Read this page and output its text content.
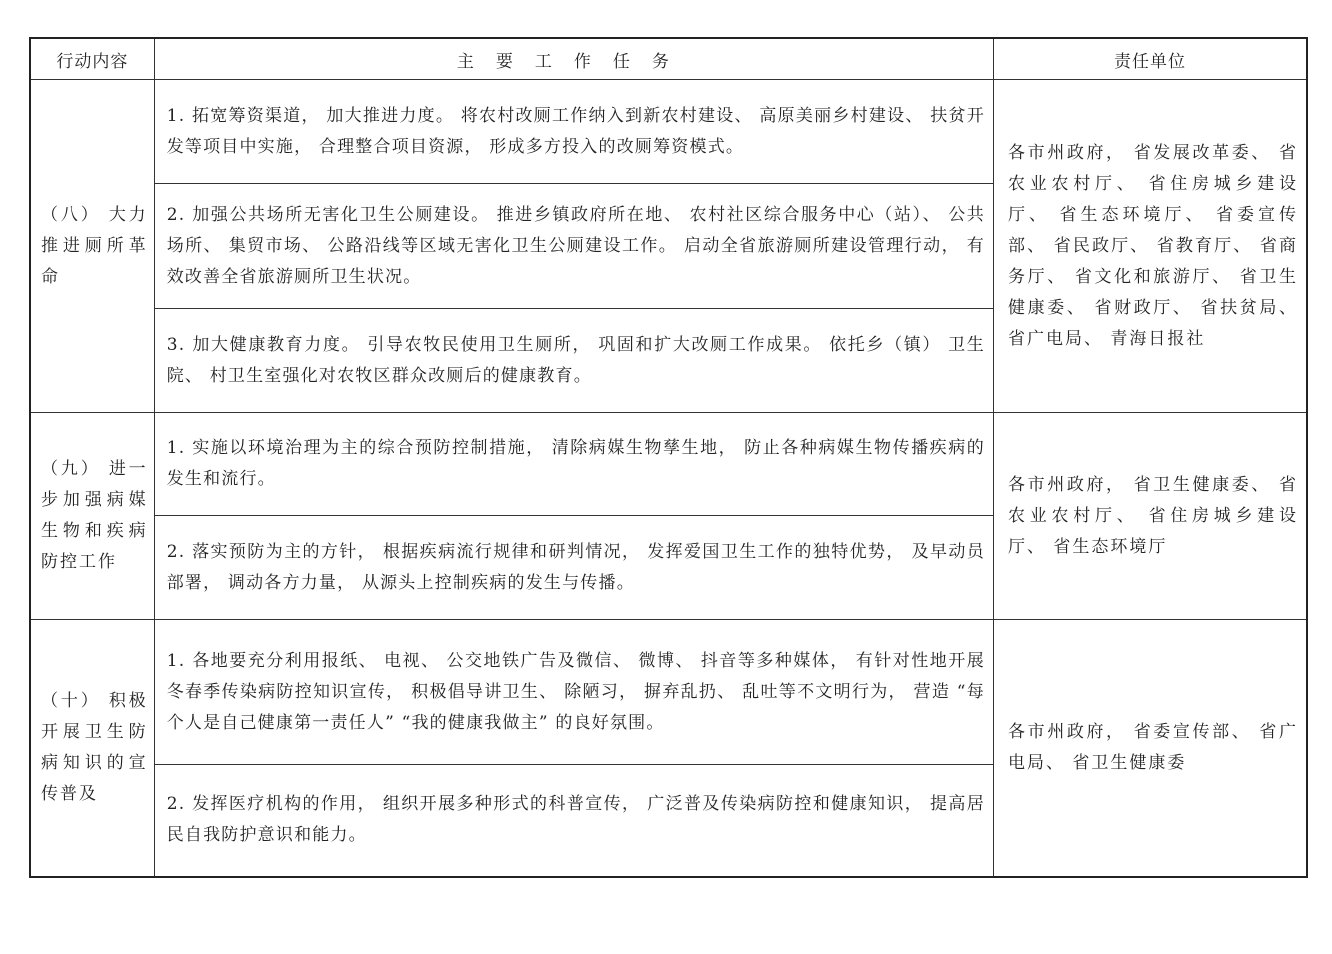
行动内容	主要工作任务	责任单位
（八） 大力推进厕所革命	1. 拓宽筹资渠道， 加大推进力度。 将农村改厕工作纳入到新农村建设、 高原美丽乡村建设、 扶贫开发等项目中实施， 合理整合项目资源， 形成多方投入的改厕筹资模式。	各市州政府， 省发展改革委、 省农业农村厅、 省住房城乡建设厅、 省生态环境厅、 省委宣传部、 省民政厅、 省教育厅、 省商务厅、 省文化和旅游厅、 省卫生健康委、 省财政厅、 省扶贫局、 省广电局、 青海日报社
	2. 加强公共场所无害化卫生公厕建设。 推进乡镇政府所在地、 农村社区综合服务中心（站）、 公共场所、 集贸市场、 公路沿线等区域无害化卫生公厕建设工作。 启动全省旅游厕所建设管理行动， 有效改善全省旅游厕所卫生状况。	
	3. 加大健康教育力度。 引导农牧民使用卫生厕所， 巩固和扩大改厕工作成果。 依托乡（镇） 卫生院、 村卫生室强化对农牧区群众改厕后的健康教育。	
（九） 进一步加强病媒生物和疾病防控工作	1. 实施以环境治理为主的综合预防控制措施， 清除病媒生物孳生地， 防止各种病媒生物传播疾病的发生和流行。	各市州政府， 省卫生健康委、 省农业农村厅、 省住房城乡建设厅、 省生态环境厅
	2. 落实预防为主的方针， 根据疾病流行规律和研判情况， 发挥爱国卫生工作的独特优势， 及早动员部署， 调动各方力量， 从源头上控制疾病的发生与传播。	
（十） 积极开展卫生防病知识的宣传普及	1. 各地要充分利用报纸、 电视、 公交地铁广告及微信、 微博、 抖音等多种媒体， 有针对性地开展冬春季传染病防控知识宣传， 积极倡导讲卫生、 除陋习， 摒弃乱扔、 乱吐等不文明行为， 营造 “每个人是自己健康第一责任人” “我的健康我做主” 的良好氛围。	各市州政府， 省委宣传部、 省广电局、 省卫生健康委
	2. 发挥医疗机构的作用， 组织开展多种形式的科普宣传， 广泛普及传染病防控和健康知识， 提高居民自我防护意识和能力。	
